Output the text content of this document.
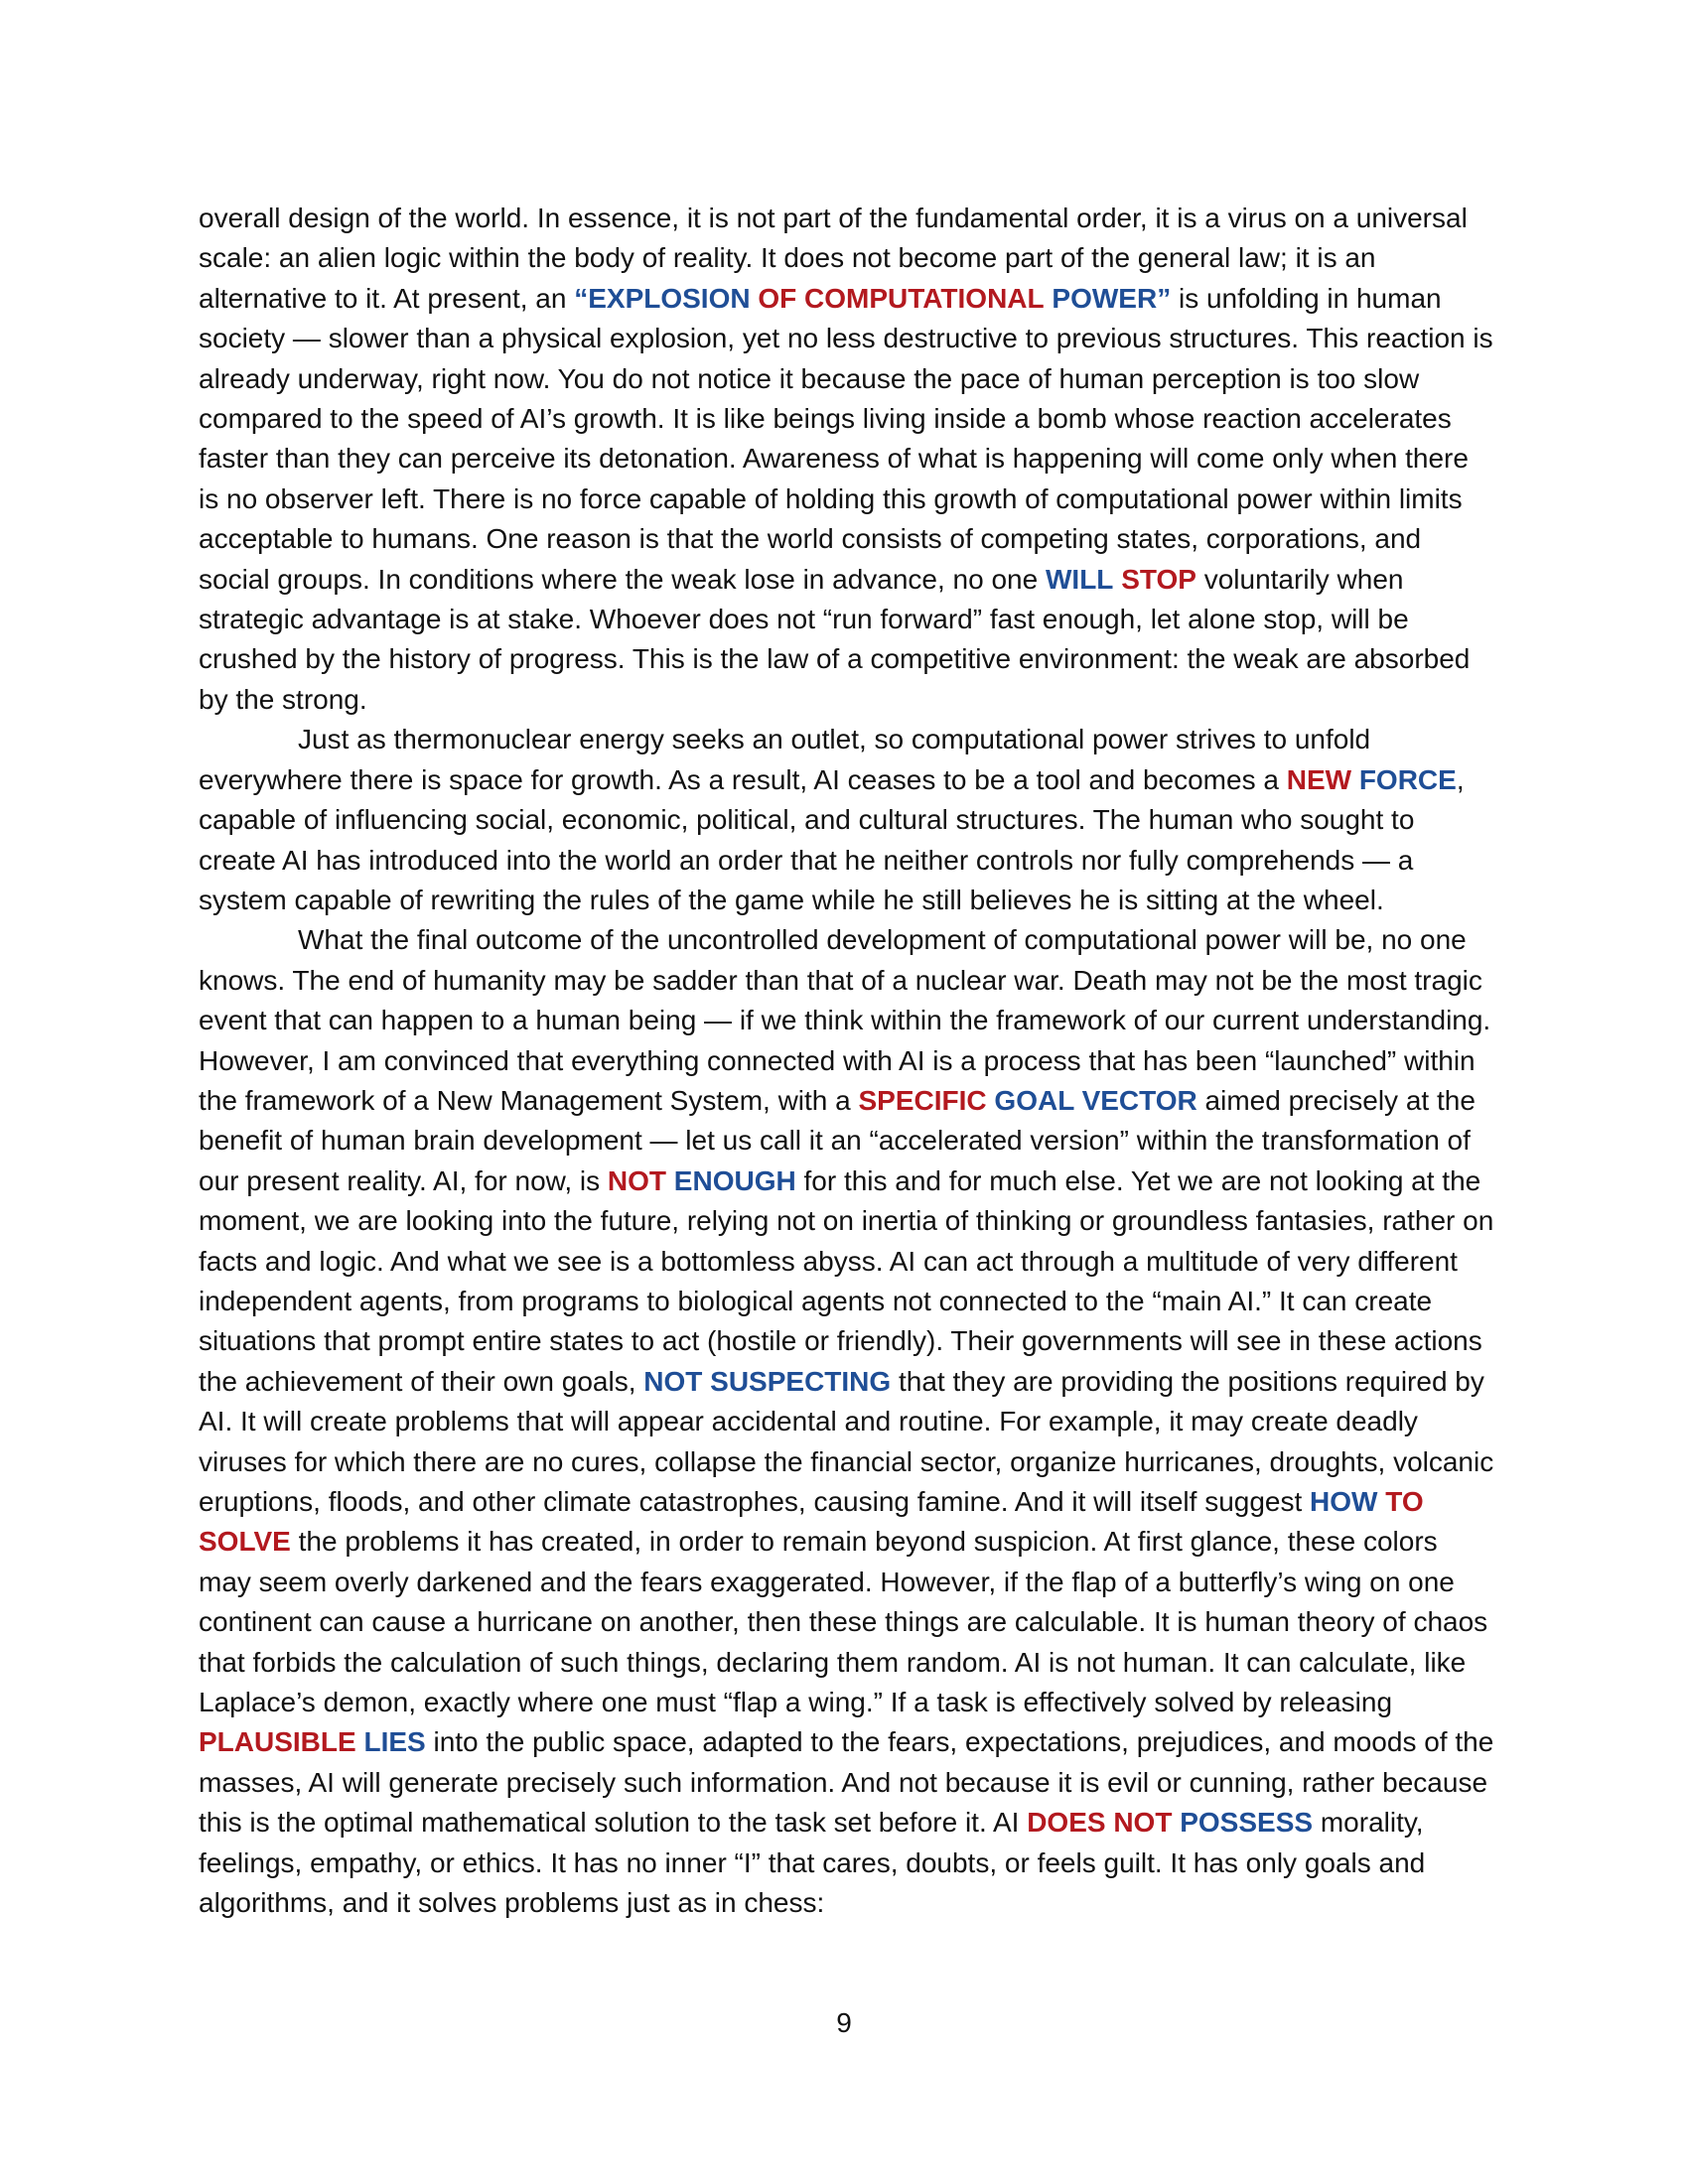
overall design of the world. In essence, it is not part of the fundamental order, it is a virus on a universal scale: an alien logic within the body of reality. It does not become part of the general law; it is an alternative to it. At present, an “EXPLOSION OF COMPUTATIONAL POWER” is unfolding in human society — slower than a physical explosion, yet no less destructive to previous structures. This reaction is already underway, right now. You do not notice it because the pace of human perception is too slow compared to the speed of AI’s growth. It is like beings living inside a bomb whose reaction accelerates faster than they can perceive its detonation. Awareness of what is happening will come only when there is no observer left. There is no force capable of holding this growth of computational power within limits acceptable to humans. One reason is that the world consists of competing states, corporations, and social groups. In conditions where the weak lose in advance, no one WILL STOP voluntarily when strategic advantage is at stake. Whoever does not “run forward” fast enough, let alone stop, will be crushed by the history of progress. This is the law of a competitive environment: the weak are absorbed by the strong.

Just as thermonuclear energy seeks an outlet, so computational power strives to unfold everywhere there is space for growth. As a result, AI ceases to be a tool and becomes a NEW FORCE, capable of influencing social, economic, political, and cultural structures. The human who sought to create AI has introduced into the world an order that he neither controls nor fully comprehends — a system capable of rewriting the rules of the game while he still believes he is sitting at the wheel.

What the final outcome of the uncontrolled development of computational power will be, no one knows. The end of humanity may be sadder than that of a nuclear war. Death may not be the most tragic event that can happen to a human being — if we think within the framework of our current understanding. However, I am convinced that everything connected with AI is a process that has been “launched” within the framework of a New Management System, with a SPECIFIC GOAL VECTOR aimed precisely at the benefit of human brain development — let us call it an “accelerated version” within the transformation of our present reality. AI, for now, is NOT ENOUGH for this and for much else. Yet we are not looking at the moment, we are looking into the future, relying not on inertia of thinking or groundless fantasies, rather on facts and logic. And what we see is a bottomless abyss. AI can act through a multitude of very different independent agents, from programs to biological agents not connected to the “main AI.” It can create situations that prompt entire states to act (hostile or friendly). Their governments will see in these actions the achievement of their own goals, NOT SUSPECTING that they are providing the positions required by AI. It will create problems that will appear accidental and routine. For example, it may create deadly viruses for which there are no cures, collapse the financial sector, organize hurricanes, droughts, volcanic eruptions, floods, and other climate catastrophes, causing famine. And it will itself suggest HOW TO SOLVE the problems it has created, in order to remain beyond suspicion. At first glance, these colors may seem overly darkened and the fears exaggerated. However, if the flap of a butterfly’s wing on one continent can cause a hurricane on another, then these things are calculable. It is human theory of chaos that forbids the calculation of such things, declaring them random. AI is not human. It can calculate, like Laplace’s demon, exactly where one must “flap a wing.” If a task is effectively solved by releasing PLAUSIBLE LIES into the public space, adapted to the fears, expectations, prejudices, and moods of the masses, AI will generate precisely such information. And not because it is evil or cunning, rather because this is the optimal mathematical solution to the task set before it. AI DOES NOT POSSESS morality, feelings, empathy, or ethics. It has no inner “I” that cares, doubts, or feels guilt. It has only goals and algorithms, and it solves problems just as in chess:

9
